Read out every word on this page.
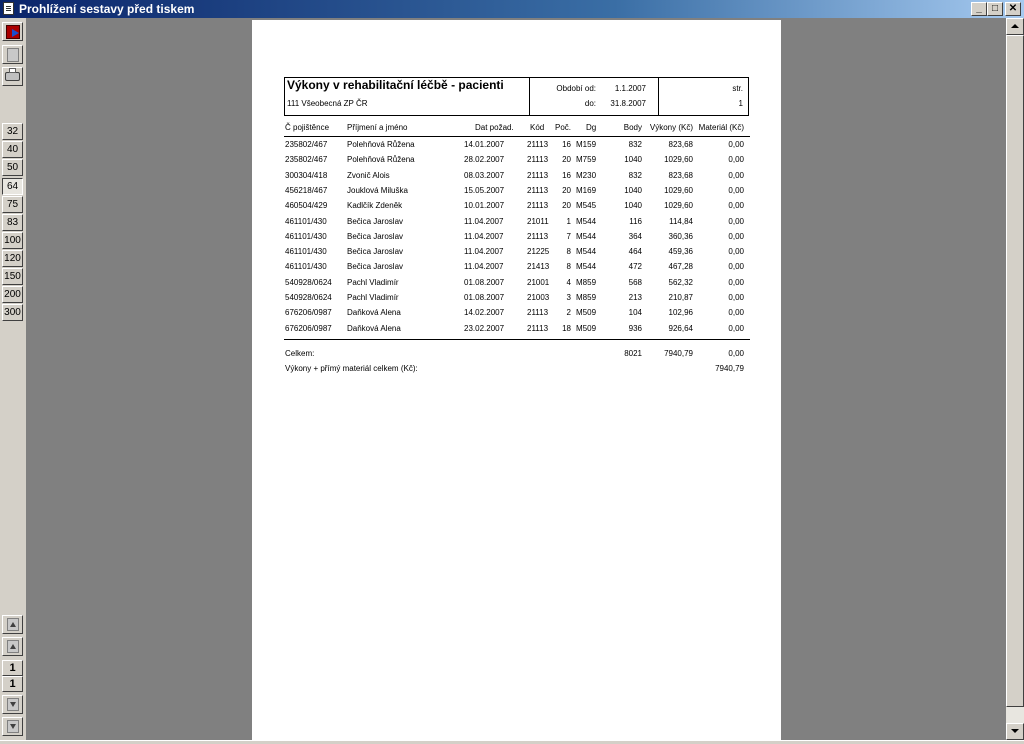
Prohlížení sestavy před tiskem	_	□	✕
32
40
50
64
75
83
100
120
150
200
300
1
1
Výkony v rehabilitační léčbě - pacienti
111 Všeobecná ZP ČR
Období od:	1.1.2007
do:	31.8.2007
str.
1
Č pojištěnce Příjmení a jméno	Dat požad. Kód Poč. Dg	Body Výkony (Kč) Materiál (Kč)
235802/467	Polehňová Růžena	14.01.2007	21113	16 M159	832	823,68	0,00
235802/467	Polehňová Růžena	28.02.2007	21113	20 M759	1040	1029,60	0,00
300304/418	Zvonič Alois	08.03.2007	21113	16 M230	832	823,68	0,00
456218/467	Jouklová Miluška	15.05.2007	21113	20 M169	1040	1029,60	0,00
460504/429	Kadlčík Zdeněk	10.01.2007	21113	20 M545	1040	1029,60	0,00
461101/430	Bečica Jaroslav	11.04.2007	21011	1 M544	116	114,84	0,00
461101/430	Bečica Jaroslav	11.04.2007	21113	7 M544	364	360,36	0,00
461101/430	Bečica Jaroslav	11.04.2007	21225	8 M544	464	459,36	0,00
461101/430	Bečica Jaroslav	11.04.2007	21413	8 M544	472	467,28	0,00
540928/0624	Pachl Vladimír	01.08.2007	21001	4 M859	568	562,32	0,00
540928/0624	Pachl Vladimír	01.08.2007	21003	3 M859	213	210,87	0,00
676206/0987	Daňková Alena	14.02.2007	21113	2 M509	104	102,96	0,00
676206/0987	Daňková Alena	23.02.2007	21113	18 M509	936	926,64	0,00
Celkem:	8021	7940,79	0,00
Výkony + přímý materiál celkem (Kč):	7940,79
